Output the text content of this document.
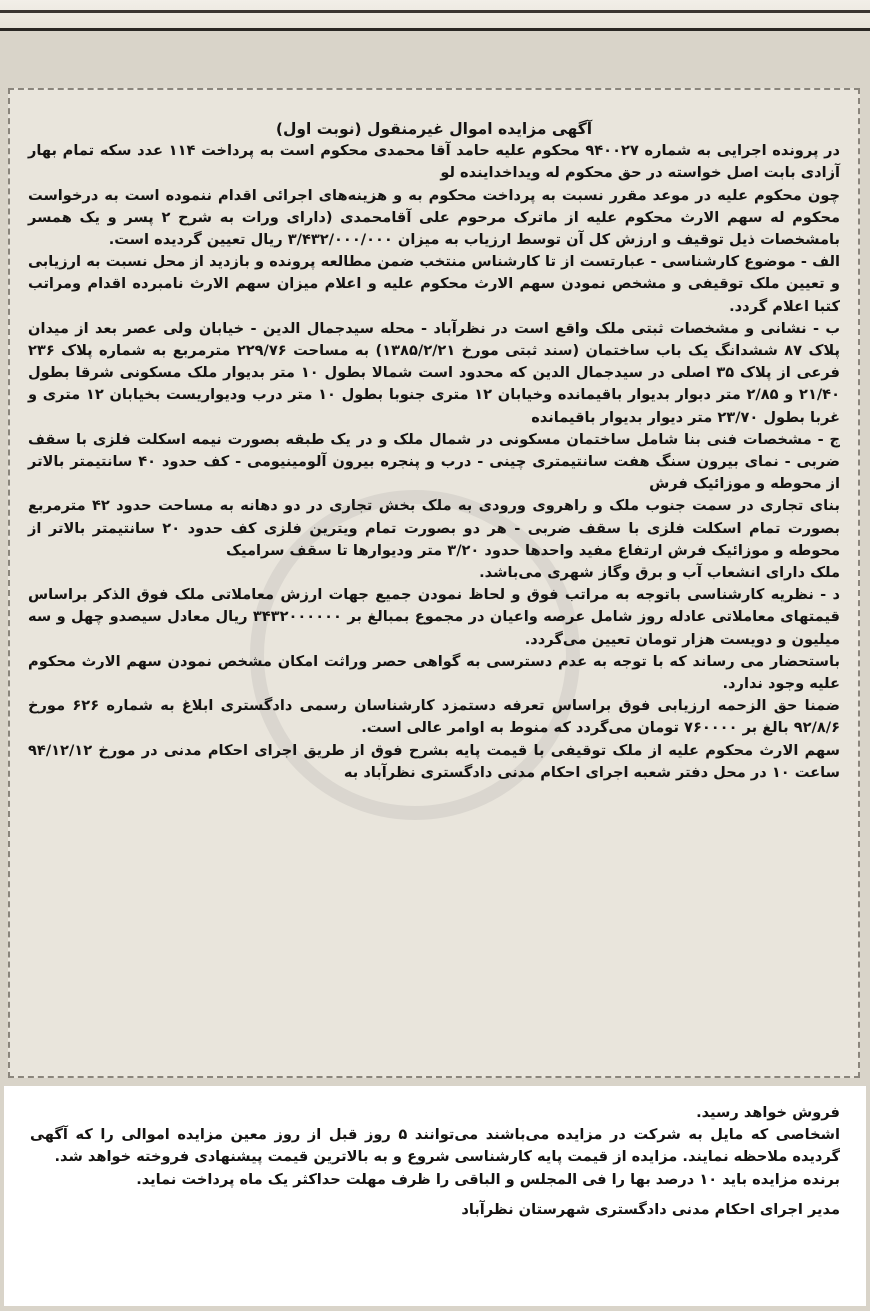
آگهی مزایده اموال غیرمنقول (نوبت اول)

در پرونده اجرایی به شماره ۹۴۰۰۲۷ محکوم علیه حامد آقا محمدی محکوم است به پرداخت ۱۱۴ عدد سکه تمام بهار آزادی بابت اصل خواسته در حق محکوم له ویداخداینده لو

چون محکوم علیه در موعد مقرر نسبت به پرداخت محکوم به و هزینه‌های اجرائی اقدام ننموده است به درخواست محکوم له سهم الارث محکوم علیه از ماترک مرحوم علی آقامحمدی (دارای ورات به شرح ۲ پسر و یک همسر بامشخصات ذیل توقیف و ارزش کل آن توسط ارزیاب به میزان ۳/۴۳۲/۰۰۰/۰۰۰ ریال تعیین گردیده است.

الف - موضوع کارشناسی - عبارتست از تا کارشناس منتخب ضمن مطالعه پرونده و بازدید از محل نسبت به ارزیابی و تعیین ملک توقیفی و مشخص نمودن سهم الارث محکوم علیه و اعلام میزان سهم الارث نامبرده اقدام ومراتب کتبا اعلام گردد.

ب - نشانی و مشخصات ثبتی ملک واقع است در نظرآباد - محله سیدجمال الدین - خیابان ولی عصر بعد از میدان پلاک ۸۷ ششدانگ یک باب ساختمان (سند ثبتی مورخ ۱۳۸۵/۲/۲۱) به مساحت ۲۲۹/۷۶ مترمربع به شماره پلاک ۲۳۶ فرعی از پلاک ۳۵ اصلی در سیدجمال الدین که محدود است شمالا بطول ۱۰ متر بدیوار ملک مسکونی شرقا بطول ۲۱/۴۰ و ۲/۸۵ متر دبوار بدیوار باقیمانده وخیابان ۱۲ متری جنوبا بطول ۱۰ متر درب ودیواریست بخیابان ۱۲ متری و غربا بطول ۲۳/۷۰ متر دیوار بدیوار باقیمانده

ج - مشخصات فنی بنا شامل ساختمان مسکونی در شمال ملک و در یک طبقه بصورت نیمه اسکلت فلزی با سقف ضربی - نمای بیرون سنگ هفت سانتیمتری چینی - درب و پنجره بیرون آلومینیومی - کف حدود ۴۰ سانتیمتر بالاتر از محوطه و موزائیک فرش

بنای تجاری در سمت جنوب ملک و راهروی ورودی به ملک بخش تجاری در دو دهانه به مساحت حدود ۴۲ مترمربع بصورت تمام اسکلت فلزی با سقف ضربی - هر دو بصورت تمام ویترین فلزی کف حدود ۲۰ سانتیمتر بالاتر از محوطه و موزائیک فرش ارتفاع مفید واحدها حدود ۳/۲۰ متر ودیوارها تا سقف سرامیک

ملک دارای انشعاب آب و برق وگاز شهری می‌باشد.

د - نظریه کارشناسی باتوجه به مراتب فوق و لحاظ نمودن جمیع جهات ارزش معاملاتی ملک فوق الذکر براساس قیمتهای معاملاتی عادله روز شامل عرصه واعیان در مجموع بمبالغ بر ۳۴۳۲۰۰۰۰۰۰ ریال معادل سیصدو چهل و سه میلیون و دویست هزار تومان تعیین می‌گردد.

باستحضار می رساند که با توجه به عدم دسترسی به گواهی حصر وراثت امکان مشخص نمودن سهم الارث محکوم علیه وجود ندارد.

ضمنا حق الزحمه ارزیابی فوق براساس تعرفه دستمزد کارشناسان رسمی دادگستری ابلاغ به شماره ۶۲۶ مورخ ۹۲/۸/۶ بالغ بر ۷۶۰۰۰۰ تومان می‌گردد که منوط به اوامر عالی است.

سهم الارث محکوم علیه از ملک توقیفی با قیمت پایه بشرح فوق از طریق اجرای احکام مدنی در مورخ ۹۴/۱۲/۱۲ ساعت ۱۰ در محل دفتر شعبه اجرای احکام مدنی دادگستری نظرآباد به

فروش خواهد رسید.

اشخاصی که مایل به شرکت در مزایده می‌باشند می‌توانند ۵ روز قبل از روز معین مزایده اموالی را که آگهی گردیده ملاحظه نمایند. مزایده از قیمت پایه کارشناسی شروع و به بالاترین قیمت پیشنهادی فروخته خواهد شد.

برنده مزایده باید ۱۰ درصد بها را فی المجلس و الباقی را ظرف مهلت حداکثر یک ماه پرداخت نماید.

مدیر اجرای احکام مدنی دادگستری شهرستان نظرآباد
